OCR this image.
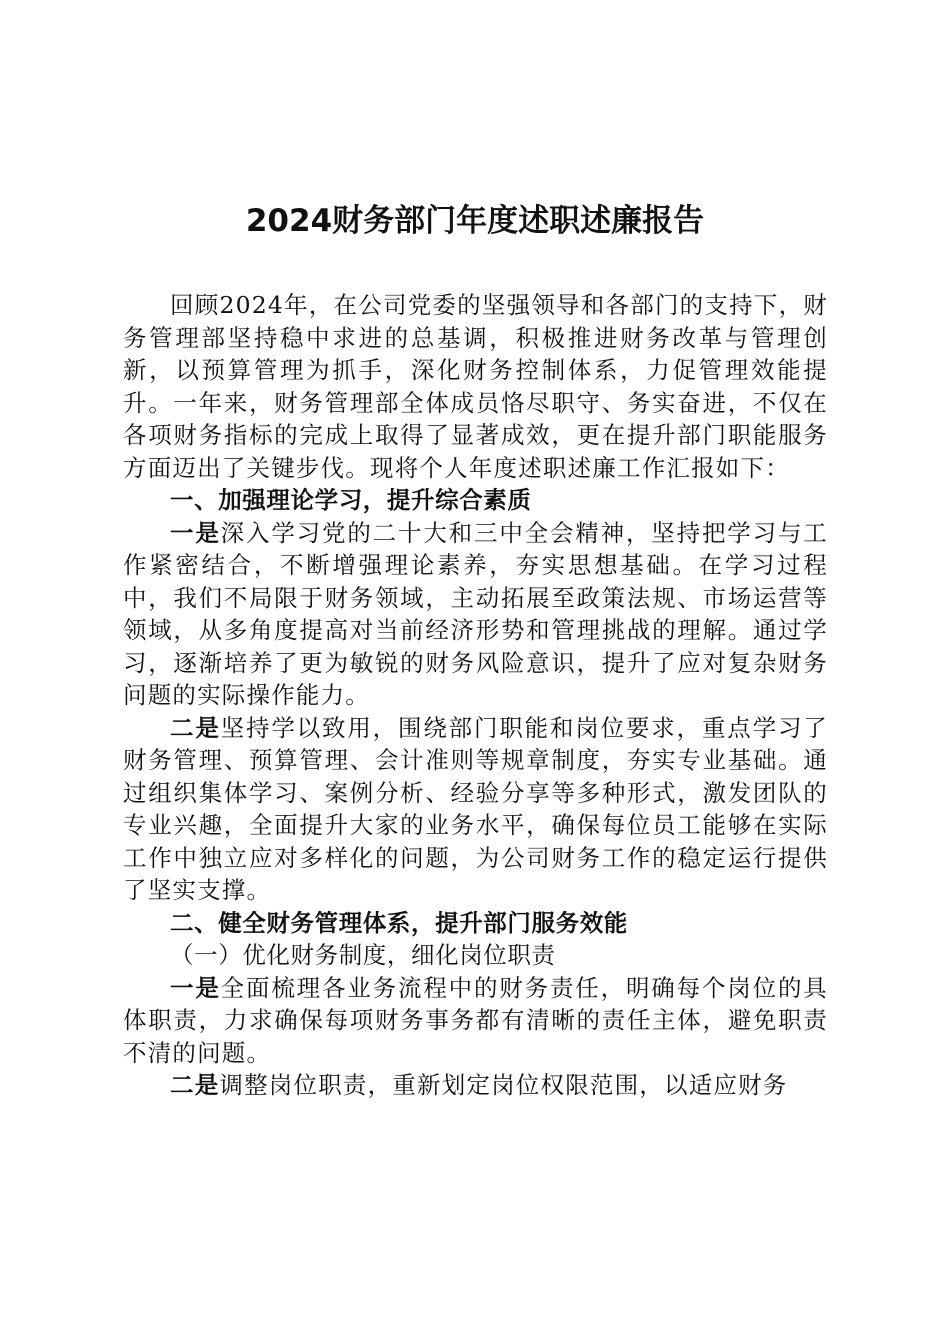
2024财务部门年度述职述廉报告

回顾2024年，在公司党委的坚强领导和各部门的支持下，财务管理部坚持稳中求进的总基调，积极推进财务改革与管理创新，以预算管理为抓手，深化财务控制体系，力促管理效能提升。一年来，财务管理部全体成员恪尽职守、务实奋进，不仅在各项财务指标的完成上取得了显著成效，更在提升部门职能服务方面迈出了关键步伐。现将个人年度述职述廉工作汇报如下：

一、加强理论学习，提升综合素质

一是深入学习党的二十大和三中全会精神，坚持把学习与工作紧密结合，不断增强理论素养，夯实思想基础。在学习过程中，我们不局限于财务领域，主动拓展至政策法规、市场运营等领域，从多角度提高对当前经济形势和管理挑战的理解。通过学习，逐渐培养了更为敏锐的财务风险意识，提升了应对复杂财务问题的实际操作能力。

二是坚持学以致用，围绕部门职能和岗位要求，重点学习了财务管理、预算管理、会计准则等规章制度，夯实专业基础。通过组织集体学习、案例分析、经验分享等多种形式，激发团队的专业兴趣，全面提升大家的业务水平，确保每位员工能够在实际工作中独立应对多样化的问题，为公司财务工作的稳定运行提供了坚实支撑。

二、健全财务管理体系，提升部门服务效能

（一）优化财务制度，细化岗位职责

一是全面梳理各业务流程中的财务责任，明确每个岗位的具体职责，力求确保每项财务事务都有清晰的责任主体，避免职责不清的问题。

二是调整岗位职责，重新划定岗位权限范围，以适应财务
